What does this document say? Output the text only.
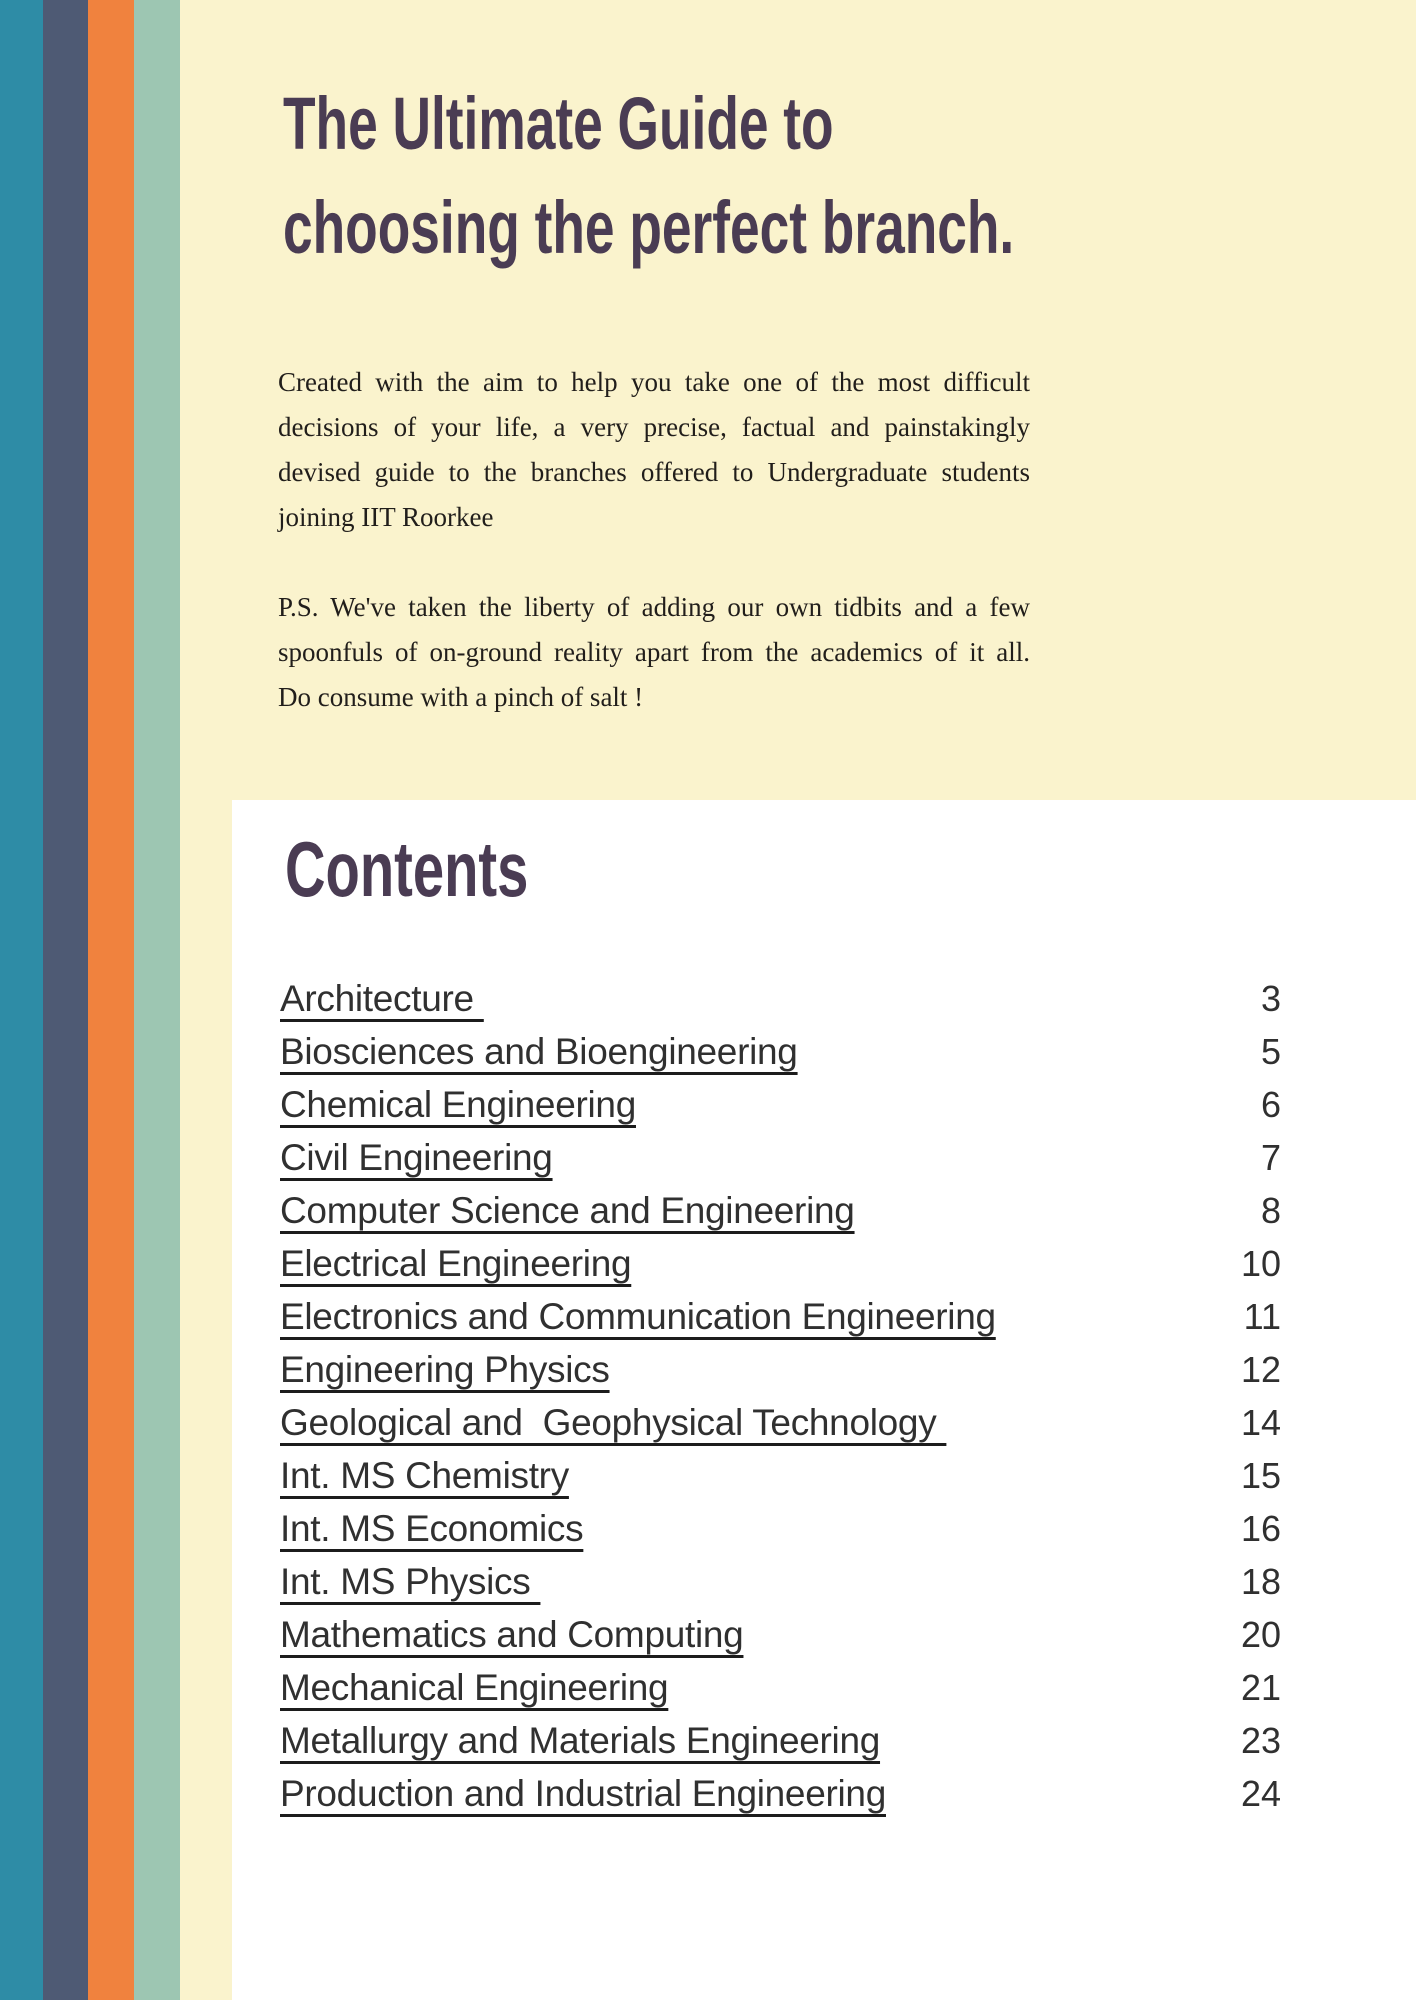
The Ultimate Guide to
choosing the perfect branch.
Created with the aim to help you take one of the most difficult
decisions of your life, a very precise, factual and painstakingly
devised guide to the branches offered to Undergraduate students
joining IIT Roorkee
P.S. We've taken the liberty of adding our own tidbits and a few
spoonfuls of on-ground reality apart from the academics of it all.
Do consume with a pinch of salt !
Contents
Architecture	3
Biosciences and Bioengineering	5
Chemical Engineering	6
Civil Engineering	7
Computer Science and Engineering	8
Electrical Engineering	10
Electronics and Communication Engineering	11
Engineering Physics	12
Geological and  Geophysical Technology	14
Int. MS Chemistry	15
Int. MS Economics	16
Int. MS Physics	18
Mathematics and Computing	20
Mechanical Engineering	21
Metallurgy and Materials Engineering	23
Production and Industrial Engineering	24
